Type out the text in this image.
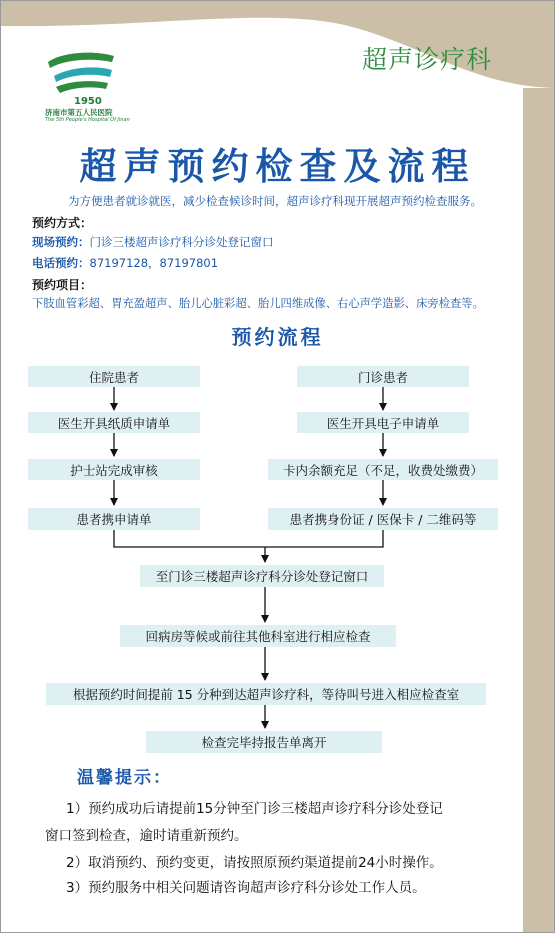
超声诊疗科
1950
济南市第五人民医院
The 5th People's Hospital Of Jinan
超声预约检查及流程
为方便患者就诊就医，减少检查候诊时间，超声诊疗科现开展超声预约检查服务。
预约方式：
现场预约：门诊三楼超声诊疗科分诊处登记窗口
电话预约：87197128，87197801
预约项目：
下肢血管彩超、胃充盈超声、胎儿心脏彩超、胎儿四维成像、右心声学造影、床旁检查等。
预约流程
住院患者
医生开具纸质申请单
护士站完成审核
患者携申请单
门诊患者
医生开具电子申请单
卡内余额充足（不足，收费处缴费）
患者携身份证 / 医保卡 / 二维码等
至门诊三楼超声诊疗科分诊处登记窗口
回病房等候或前往其他科室进行相应检查
根据预约时间提前 15 分种到达超声诊疗科，等待叫号进入相应检查室
检查完毕持报告单离开
温馨提示：
1）预约成功后请提前15分钟至门诊三楼超声诊疗科分诊处登记
窗口签到检查，逾时请重新预约。
2）取消预约、预约变更，请按照原预约渠道提前24小时操作。
3）预约服务中相关问题请咨询超声诊疗科分诊处工作人员。
